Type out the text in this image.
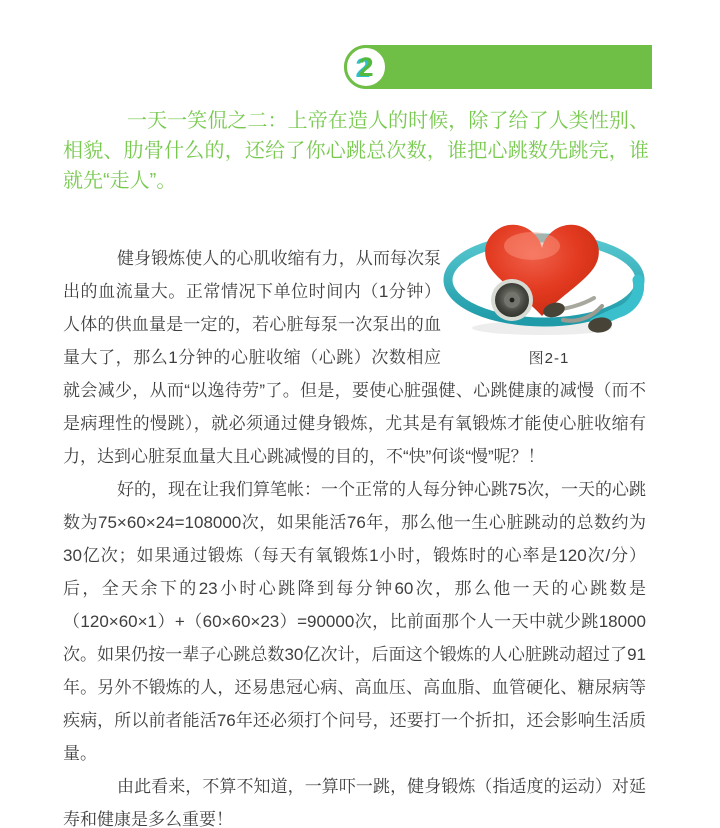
2

一天一笑侃之二：上帝在造人的时候，除了给了人类性别、相貌、肋骨什么的，还给了你心跳总次数，谁把心跳数先跳完，谁就先“走人”。

图2-1

健身锻炼使人的心肌收缩有力，从而每次泵出的血流量大。正常情况下单位时间内（1分钟）人体的供血量是一定的，若心脏每泵一次泵出的血量大了，那么1分钟的心脏收缩（心跳）次数相应就会减少，从而“以逸待劳”了。但是，要使心脏强健、心跳健康的减慢（而不是病理性的慢跳），就必须通过健身锻炼，尤其是有氧锻炼才能使心脏收缩有力，达到心脏泵血量大且心跳减慢的目的，不“快”何谈“慢”呢？！

好的，现在让我们算笔帐：一个正常的人每分钟心跳75次，一天的心跳数为75×60×24=108000次，如果能活76年，那么他一生心脏跳动的总数约为30亿次；如果通过锻炼（每天有氧锻炼1小时，锻炼时的心率是120次/分）后，全天余下的23小时心跳降到每分钟60次，那么他一天的心跳数是（120×60×1）+（60×60×23）=90000次，比前面那个人一天中就少跳18000次。如果仍按一辈子心跳总数30亿次计，后面这个锻炼的人心脏跳动超过了91年。另外不锻炼的人，还易患冠心病、高血压、高血脂、血管硬化、糖尿病等疾病，所以前者能活76年还必须打个问号，还要打一个折扣，还会影响生活质量。

由此看来，不算不知道，一算吓一跳，健身锻炼（指适度的运动）对延寿和健康是多么重要！
